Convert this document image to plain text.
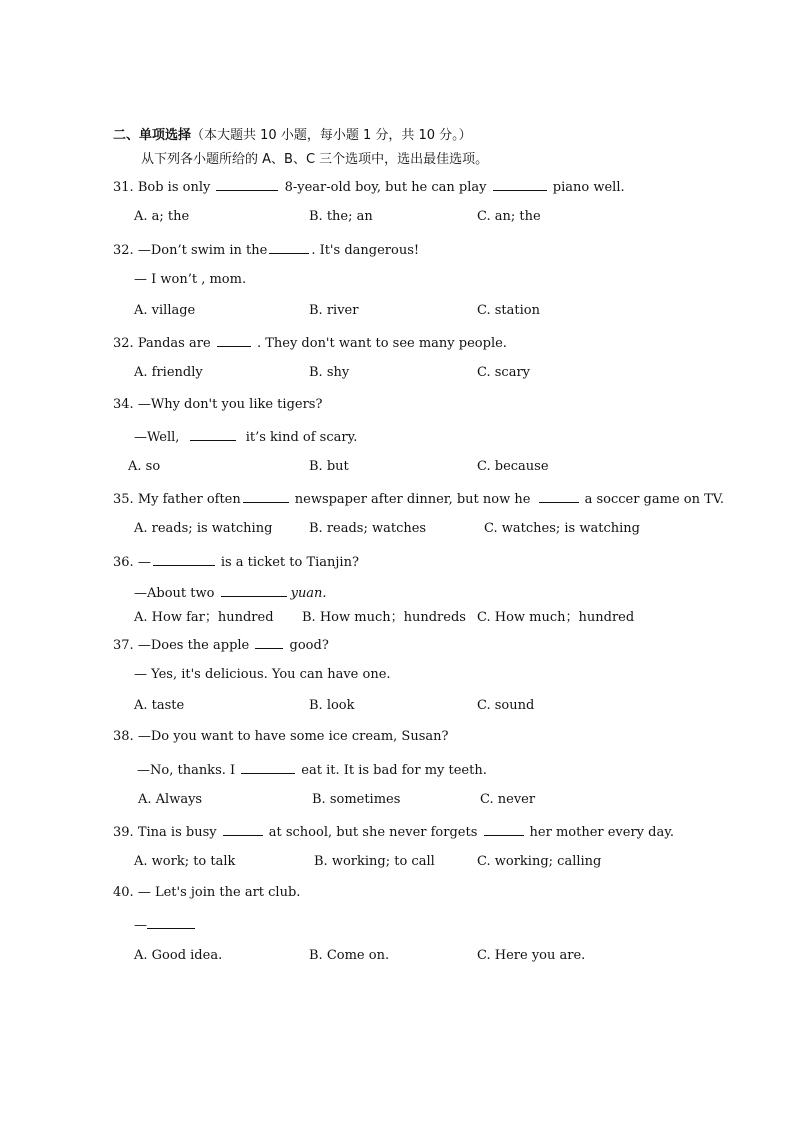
二、单项选择（本大题共 10 小题，每小题 1 分，共 10 分。）
从下列各小题所给的 A、B、C 三个选项中，选出最佳选项。
31. Bob is only	8-year-old boy, but he can play	piano well.
A. a; the	B. the; an	C. an; the
32. —Don’t swim in the	. It's dangerous!
— I won’t , mom.
A. village	B. river	C. station
32. Pandas are	. They don't want to see many people.
A. friendly	B. shy	C. scary
34. —Why don't you like tigers?
—Well,	it’s kind of scary.
A. so	B. but	C. because
35. My father often	newspaper after dinner, but now he	a soccer game on TV.
A. reads; is watching	B. reads; watches	C. watches; is watching
36. —	is a ticket to Tianjin?
—About two	yuan.
A. How far；hundred B. How much；hundreds C. How much；hundred
37. —Does the apple	good?
— Yes, it's delicious. You can have one.
A. taste	B. look	C. sound
38. —Do you want to have some ice cream, Susan?
—No, thanks. I	eat it. It is bad for my teeth.
A. Always	B. sometimes	C. never
39. Tina is busy	at school, but she never forgets	her mother every day.
A. work; to talk	B. working; to call	C. working; calling
40. — Let's join the art club.
—
A. Good idea.	B. Come on.	C. Here you are.
